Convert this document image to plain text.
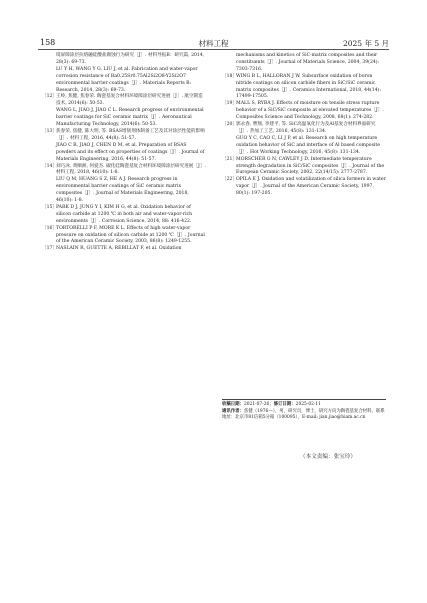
158	材料工程	2025 年 5 月

境屏障涂层抗熔融硅酸盐腐蚀行为研究［J］. 材料导报B：研究篇, 2014, 28(3): 69-73.

LU Y H, WANG Y G, LIU J, et al. Fabrication and water-vapor corrosion resistance of Ba0.25Sr0.75Al2Si2O8-Y2Si2O7 environmental barrier coatings［J］. Materials Reports B: Research, 2014, 28(3): 69-73.

［12］
王岭, 焦健, 焦春荣. 陶瓷基复合材料环境障涂层研究进展［J］. 航空制造技术, 2014(6): 50-53.

WANG L, JIAO J, JIAO C L. Research progress of environmental barrier coatings for SiC ceramic matrix［J］. Aeronautical Manufacturing Technology, 2014(6): 50-53.

［13］
焦春荣, 焦健, 陈大明, 等. BSAS增韧剂体制备工艺及其对涂层性能的影响［J］. 材料工程, 2016, 44(8): 51-57.

JIAO C R, JIAO J, CHEN D M, et al. Preparation of BSAS powders and its effect on properties of coatings［J］. Journal of Materials Engineering, 2016, 44(8): 51-57.

［14］
刘巧沐, 黄顺洲, 何爱杰. 碳化硅陶瓷基复合材料环境障涂层研究进展［J］. 材料工程, 2018, 46(10): 1-8.

LIU Q M, HUANG S Z, HE A J. Research progress in environmental barrier coatings of SiC ceramic matrix composites［J］. Journal of Materials Engineering, 2018, 46(10): 1-8.

［15］
PARK D J, JUNG Y I, KIM H G, et al. Oxidation behavior of silicon carbide at 1200 ℃ in both air and water-vapor-rich environments［J］. Corrosion Science, 2014, 88: 416-422.

［16］
TORTORELLI P F, MORE K L. Effects of high water-vapor pressure on oxidation of silicon carbide at 1200 ℃［J］. Journal of the American Ceramic Society, 2003, 86(8): 1249-1255.

［17］
NASLAIN R, GUETTE A, REBILLAT F, et al. Oxidation

mechanisms and kinetics of SiC-matrix composites and their constituents［J］. Journal of Materials Science, 2004, 39(24): 7303-7316.

［18］
WING B L, HALLORAN J W. Subsurface oxidation of boron nitride coatings on silicon carbide fibers in SiC/SiC ceramic matrix composites［J］. Ceramics International, 2018, 44(14): 17499-17505.

［19］
MALL S, RYBA J. Effects of moisture on tensile stress rupture behavior of a SiC/SiC composite at elevated temperatures［J］. Composites Science and Technology, 2008, 68(1): 274-282.

［20］
郭永春, 曹翔, 李建平, 等. SiC高温氧化行为及Al基复合材料界面研究［J］. 热加工工艺, 2016, 45(8): 131-134.

GUO Y C, CAO C, LI J P, et al. Research on high temperature oxidation behavior of SiC and interface of Al based composite［J］. Hot Working Technology, 2016, 45(8): 131-134.

［21］
MORSCHER G N, CAWLEY J D. Intermediate temperature strength degradation in SiC/SiC composites［J］. Journal of the European Ceramic Society, 2002, 22(14/15): 2777-2787.

［22］
OPILA E J. Oxidation and volatilization of silica formers in water vapor［J］. Journal of the American Ceramic Society, 1997, 80(1): 197-205.

收稿日期：2021-07-26；修订日期：2025-02-11
通讯作者：焦健（1976—），男，研究员，博士，研究方向为陶瓷基复合材料，联系地址：北京市81信箱5分箱（100095），E-mail: jian.jiao@biam.ac.cn
（本文责编：张宝玲）
